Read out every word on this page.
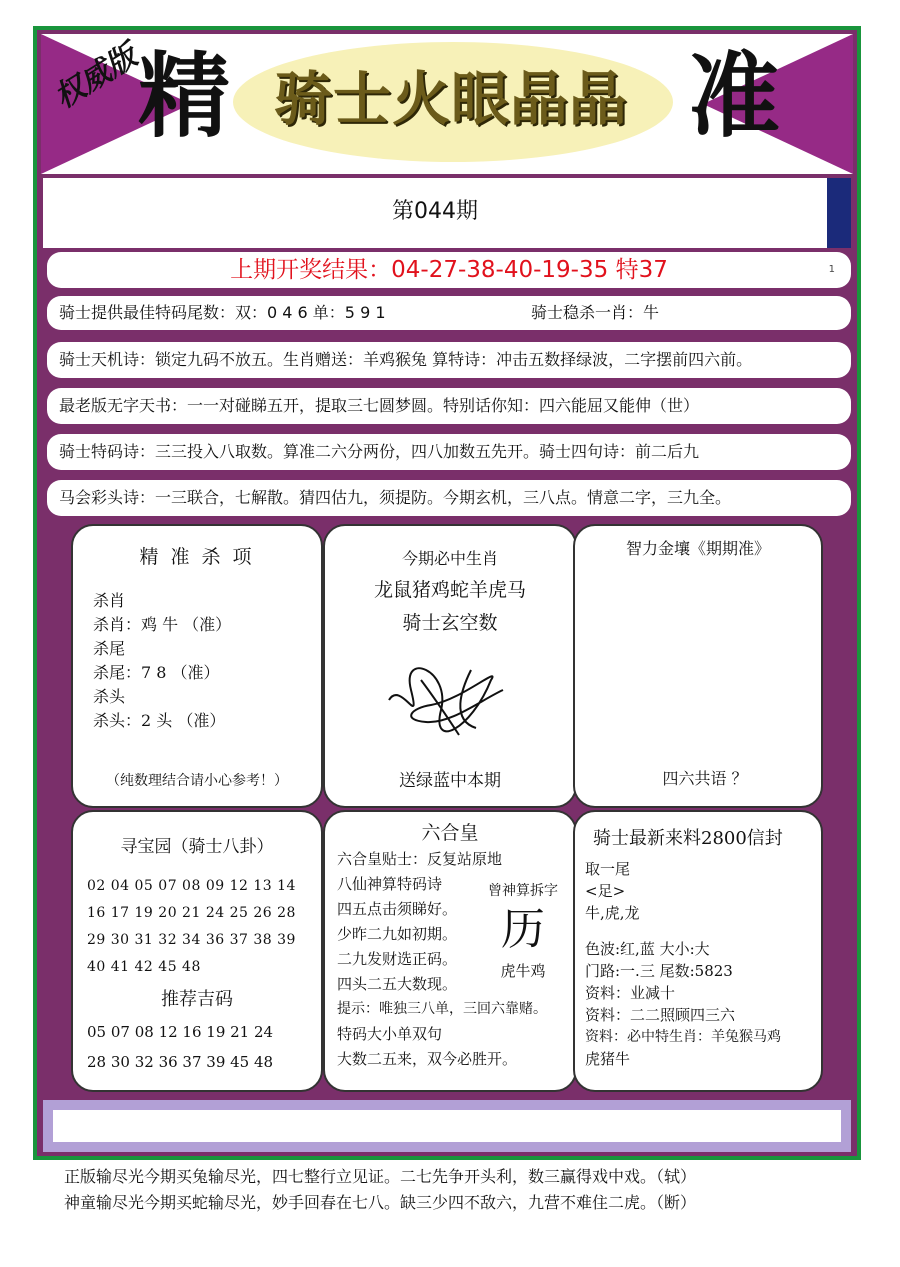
权威版
精 骑士火眼晶晶 准
第044期
上期开奖结果：04-27-38-40-19-35 特37	1
骑士提供最佳特码尾数：双：0 4 6 单：5 9 1	骑士稳杀一肖：牛
骑士天机诗：锁定九码不放五。生肖赠送：羊鸡猴兔 算特诗：冲击五数择绿波，二字摆前四六前。
最老版无字天书：一一对碰睇五开，提取三七圆梦圆。特别话你知：四六能屈又能伸（世）
骑士特码诗：三三投入八取数。算准二六分两份，四八加数五先开。骑士四句诗：前二后九
马会彩头诗：一三联合，七解散。猜四估九，须提防。今期玄机，三八点。情意二字，三九全。
精 准 杀 项
杀肖
杀肖：鸡 牛 （准）
杀尾
杀尾：7 8 （准）
杀头
杀头：2 头 （准）
（纯数理结合请小心参考！）
今期必中生肖
龙鼠猪鸡蛇羊虎马
骑士玄空数
送绿蓝中本期
智力金壤《期期准》
四六共语 ？
寻宝园（骑士八卦）
02 04 05 07 08 09 12 13 14
16 17 19 20 21 24 25 26 28
29 30 31 32 34 36 37 38 39
40 41 42 45 48
推荐吉码
05 07 08 12 16 19 21 24
28 30 32 36 37 39 45 48
六合皇
六合皇贴士：反复站原地
八仙神算特码诗
四五点击须睇好。
少昨二九如初期。
二九发财选正码。
四头二五大数现。
提示：唯独三八单，三回六靠赌。
特码大小单双句
大数二五来，双今必胜开。
曾神算拆字
历
虎牛鸡
骑士最新来料2800信封
取一尾
<足>
牛,虎,龙
色波:红,蓝 大小:大
门路:一.三 尾数:5823
资料：业减十
资料：二二照顾四三六
资料：必中特生肖：羊兔猴马鸡
虎猪牛
正版输尽光今期买兔输尽光，四七整行立见证。二七先争开头利，数三赢得戏中戏。（轼）
神童输尽光今期买蛇输尽光，妙手回春在七八。缺三少四不敌六，九营不难住二虎。（断）
